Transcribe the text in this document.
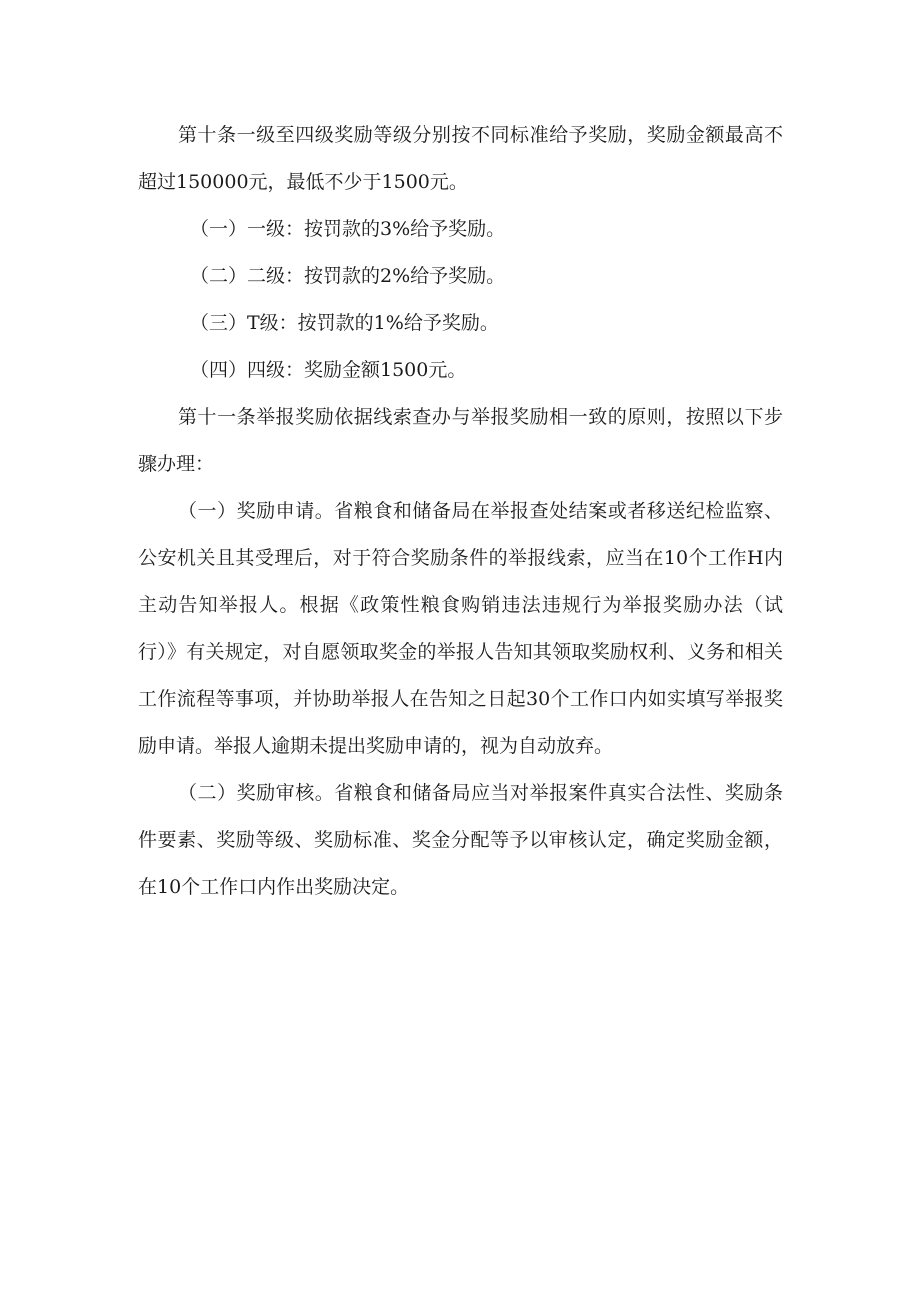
第十条一级至四级奖励等级分别按不同标准给予奖励，奖励金额最高不超过150000元，最低不少于1500元。

（一）一级：按罚款的3%给予奖励。

（二）二级：按罚款的2%给予奖励。

（三）T级：按罚款的1%给予奖励。

（四）四级：奖励金额1500元。

第十一条举报奖励依据线索查办与举报奖励相一致的原则，按照以下步骤办理：

（一）奖励申请。省粮食和储备局在举报查处结案或者移送纪检监察、公安机关且其受理后，对于符合奖励条件的举报线索，应当在10个工作H内主动告知举报人。根据《政策性粮食购销违法违规行为举报奖励办法（试行）》有关规定，对自愿领取奖金的举报人告知其领取奖励权利、义务和相关工作流程等事项，并协助举报人在告知之日起30个工作口内如实填写举报奖励申请。举报人逾期未提出奖励申请的，视为自动放弃。

（二）奖励审核。省粮食和储备局应当对举报案件真实合法性、奖励条件要素、奖励等级、奖励标准、奖金分配等予以审核认定，确定奖励金额，在10个工作口内作出奖励决定。
